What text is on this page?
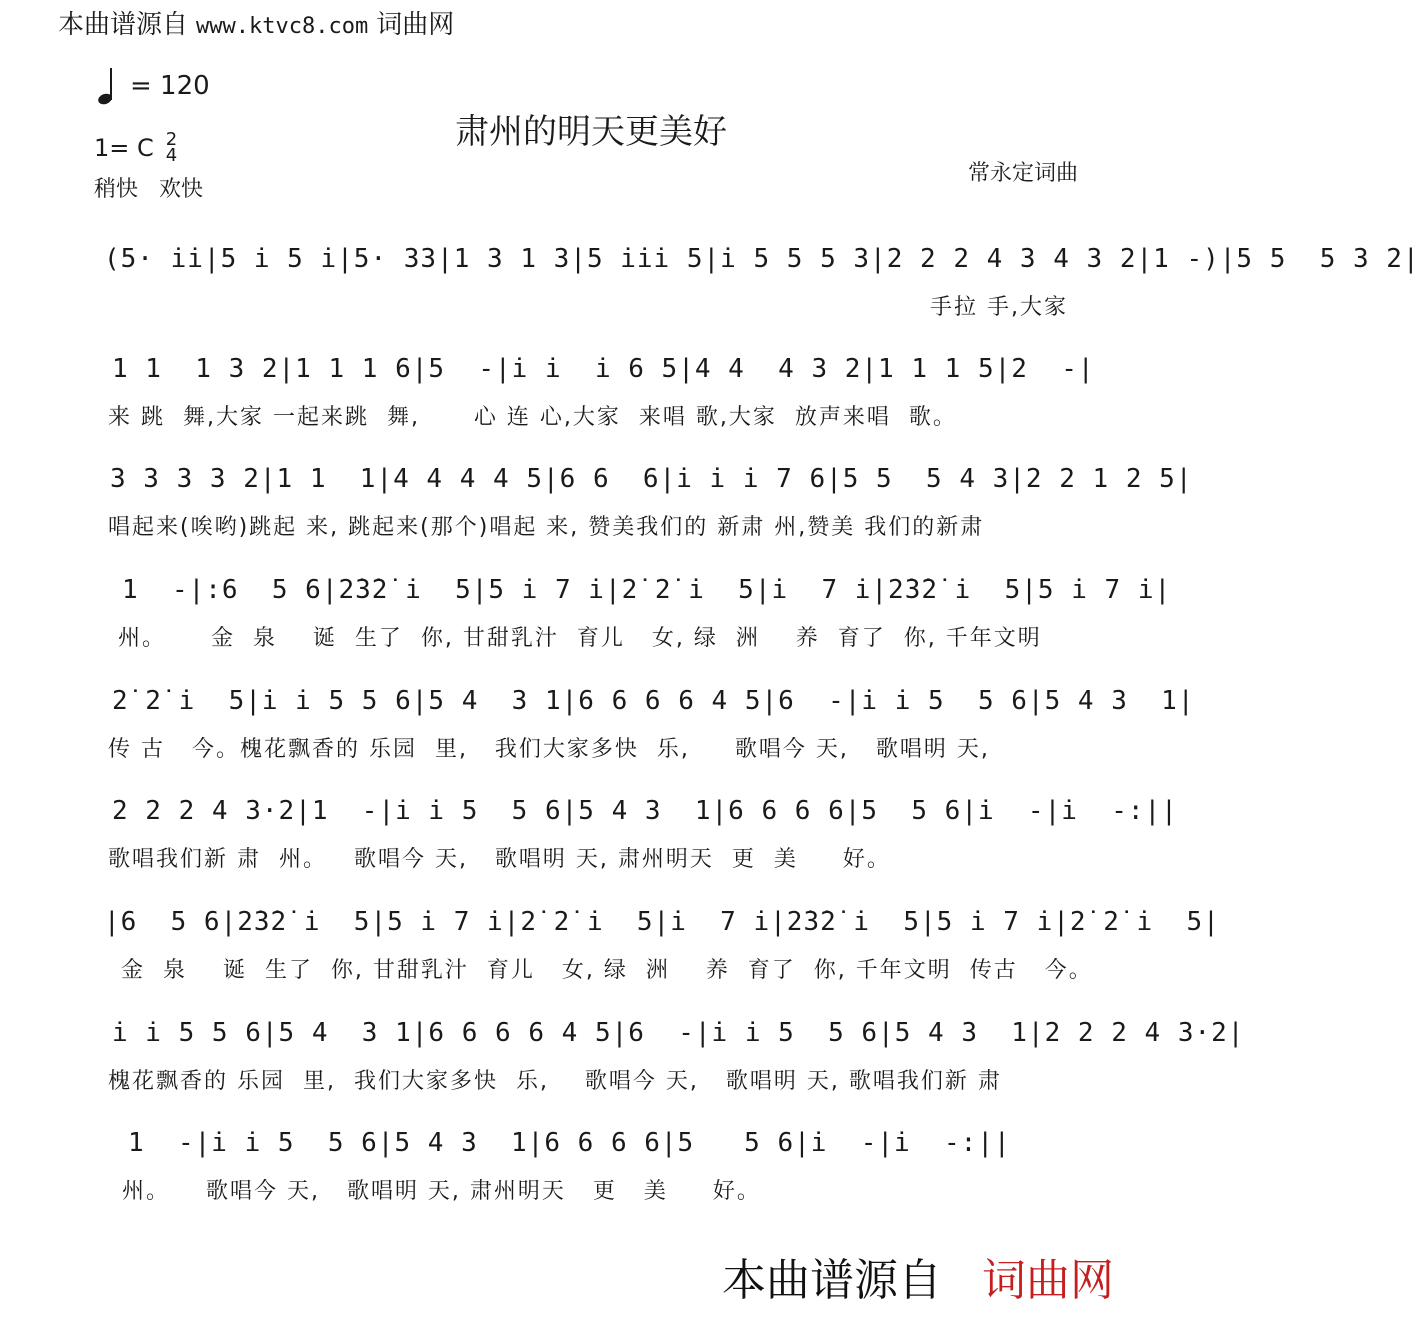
本曲谱源自 www.ktvc8.com 词曲网
= 120
1= C 2
4
稍快 欢快
肃州的明天更美好
常永定词曲
(5· i̇i̇|5 i̇ 5 i̇|5· 33|1 3 1 3|5 i̇i̇i̇ 5|i̇ 5 5 5 3|2 2 2 4 3 4 3 2|1 -)|5 5  5 3 2|
手拉 手,大家
1 1  1 3 2|1 1 1 6|5  -|i̇ i̇  i̇ 6 5|4 4  4 3 2|1 1 1 5|2  -|
来 跳  舞,大家 一起来跳  舞,      心 连 心,大家  来唱 歌,大家  放声来唱  歌。
3 3 3 3 2|1 1  1|4 4 4 4 5|6 6  6|i̇ i̇ i̇ 7 6|5 5  5 4 3|2 2 1 2 5|
唱起来(唉哟)跳起 来, 跳起来(那个)唱起 来, 赞美我们的 新肃 州,赞美 我们的新肃
1  -|:6  5 6|2̇3̇2̇ i̇  5|5 i̇ 7 i̇|2̇ 2̇ i̇  5|i̇  7 i̇|2̇3̇2̇ i̇  5|5 i̇ 7 i̇|
州。     金  泉    诞  生了  你, 甘甜乳汁  育儿   女, 绿  洲    养  育了  你, 千年文明
2̇ 2̇ i̇  5|i̇ i̇ 5 5 6|5 4  3 1|6 6 6 6 4 5|6  -|i̇ i̇ 5  5 6|5 4 3  1|
传 古   今。槐花飘香的 乐园  里,   我们大家多快  乐,     歌唱今 天,   歌唱明 天,
2 2 2 4 3·2|1  -|i̇ i̇ 5  5 6|5 4 3  1|6 6 6 6|5  5 6|i̇  -|i̇  -:||
歌唱我们新 肃  州。   歌唱今 天,   歌唱明 天, 肃州明天  更  美     好。
|6  5 6|2̇3̇2̇ i̇  5|5 i̇ 7 i̇|2̇ 2̇ i̇  5|i̇  7 i̇|2̇3̇2̇ i̇  5|5 i̇ 7 i̇|2̇ 2̇ i̇  5|
金  泉    诞  生了  你, 甘甜乳汁  育儿   女, 绿  洲    养  育了  你, 千年文明  传古   今。
i̇ i̇ 5 5 6|5 4  3 1|6 6 6 6 4 5|6  -|i̇ i̇ 5  5 6|5 4 3  1|2 2 2 4 3·2|
槐花飘香的 乐园  里,  我们大家多快  乐,    歌唱今 天,   歌唱明 天, 歌唱我们新 肃
1  -|i̇ i̇ 5  5 6|5 4 3  1|6 6 6 6|5   5 6|i̇  -|i̇  -:||
州。    歌唱今 天,   歌唱明 天, 肃州明天   更   美     好。
本曲谱源自 词曲网
